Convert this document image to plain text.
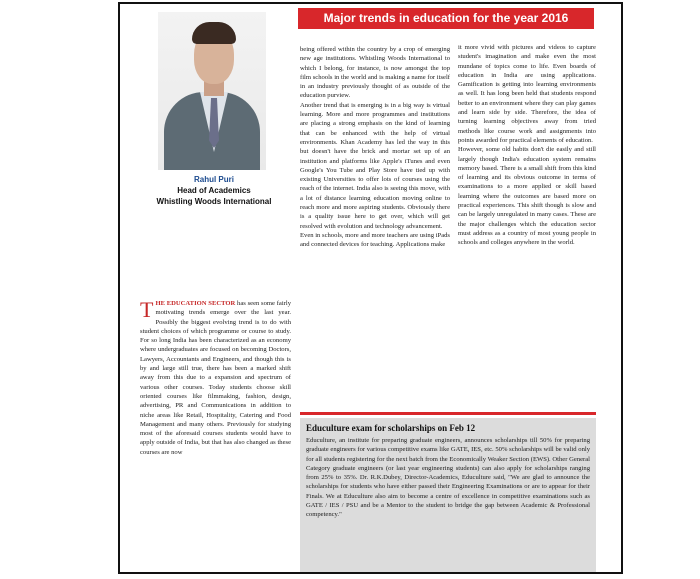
Rahul Puri
Head of Academics
Whistling Woods International
Major trends in education for the year 2016

THE EDUCATION SECTOR has seen some fairly motivating trends emerge over the last year. Possibly the biggest evolving trend is to do with student choices of which programme or course to study. For so long India has been characterized as an economy where undergraduates are focused on becoming Doctors, Lawyers, Accountants and Engineers, and though this is by and large still true, there has been a marked shift away from this due to a expansion and spectrum of various other courses. Today students choose skill oriented courses like filmmaking, fashion, design, advertising, PR and Communications in addition to niche areas like Retail, Hospitality, Catering and Food Management and many others. Previously for studying most of the aforesaid courses students would have to apply outside of India, but that has also changed as these courses are now

being offered within the country by a crop of emerging new age institutions. Whistling Woods International to which I belong, for instance, is now amongst the top film schools in the world and is making a name for itself in an industry previously thought of as outside of the education purview.

Another trend that is emerging is in a big way is virtual learning. More and more programmes and institutions are placing a strong emphasis on the kind of learning that can be enhanced with the help of virtual environments. Khan Academy has led the way in this but doesn't have the brick and mortar set up of an institution and platforms like Apple's iTunes and even Google's You Tube and Play Store have tied up with existing Universities to offer lots of courses using the reach of the internet. India also is seeing this move, with a lot of distance learning education moving online to reach more and more aspiring students. Obviously there is a quality issue here to get over, which will get resolved with evolution and technology advancement.

Even in schools, more and more teachers are using iPads and connected devices for teaching. Applications make

it more vivid with pictures and videos to capture student's imagination and make even the most mundane of topics come to life. Even boards of education in India are using applications. Gamification is getting into learning environments as well. It has long been held that students respond better to an environment where they can play games and learn side by side. Therefore, the idea of turning learning objectives away from tried methods like course work and assignments into points awarded for practical elements of education.

However, some old habits don't die easily and still largely though India's education system remains memory based. There is a small shift from this kind of learning and its obvious outcome in terms of examinations to a more applied or skill based learning where the outcomes are based more on practical experiences. This shift though is slow and can be largely unregulated in many cases. These are the major challenges which the education sector must address as a country of most young people in schools and colleges anywhere in the world.

Educulture exam for scholarships on Feb 12

Educulture, an institute for preparing graduate engineers, announces scholarships till 50% for preparing graduate engineers for various competitive exams like GATE, IES, etc. 50% scholarships will be valid only for all students registering for the next batch from the Economically Weaker Section (EWS). Other General Category graduate engineers (or last year engineering students) can also apply for scholarships ranging from 25% to 35%. Dr. R.K.Dubey, Director-Academics, Educulture said, "We are glad to announce the scholarships for students who have either passed their Engineering Examinations or are to appear for their Finals. We at Educulture also aim to become a centre of excellence in competitive examinations such as GATE / IES / PSU and be a Mentor to the student to bridge the gap between Academic & Professional competency."
